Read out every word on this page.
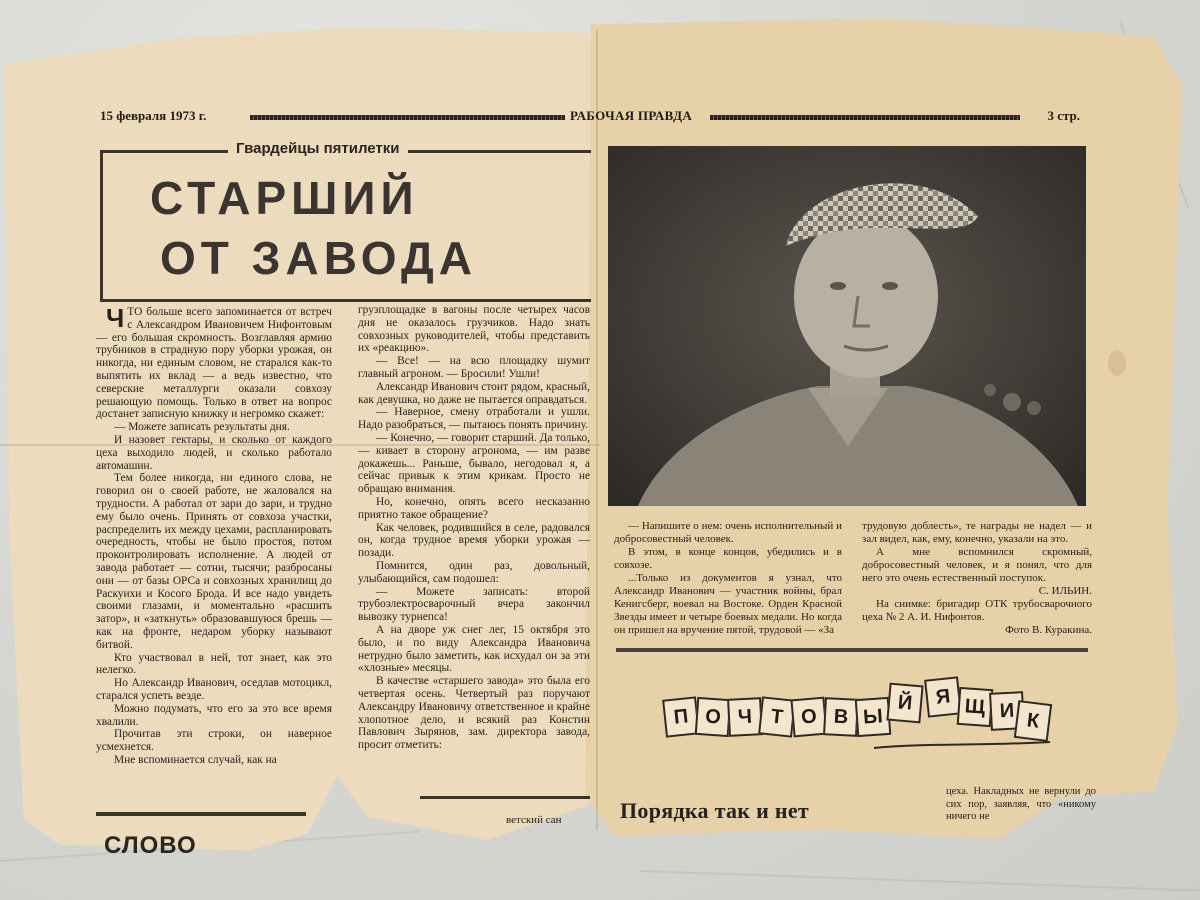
15 февраля 1973 г.	РАБОЧАЯ ПРАВДА	3 стр.
Гвардейцы пятилетки
СТАРШИЙ
ОТ ЗАВОДА

ЧТО больше всего запоминается от встреч с Александром Ивановичем Нифонтовым — его большая скромность. Возглавляя армию трубников в страдную пору уборки урожая, он никогда, ни единым словом, не старался как-то выпятить их вклад — а ведь известно, что северские металлурги оказали совхозу решающую помощь. Только в ответ на вопрос достанет записную книжку и негромко скажет:

— Можете записать результаты дня.

И назовет гектары, и сколько от каждого цеха выходило людей, и сколько работало автомашин.

Тем более никогда, ни единого слова, не говорил он о своей работе, не жаловался на трудности. А работал от зари до зари, и трудно ему было очень. Принять от совхоза участки, распределить их между цехами, распланировать очередность, чтобы не было простоя, потом проконтролировать исполнение. А людей от завода работает — сотни, тысячи; разбросаны они — от базы ОРСа и совхозных хранилищ до Раскуихи и Косого Брода. И все надо увидеть своими глазами, и моментально «расшить затор», и «заткнуть» образовавшуюся брешь — как на фронте, недаром уборку называют битвой.

Кто участвовал в ней, тот знает, как это нелегко.

Но Александр Иванович, оседлав мотоцикл, старался успеть везде.

Можно подумать, что его за это все время хвалили.

Прочитав эти строки, он наверное усмехнется.

Мне вспоминается случай, как на

СЛОВО

грузплощадке в вагоны после четырех часов дня не оказалось грузчиков. Надо знать совхозных руководителей, чтобы представить их «реакцию».

— Все! — на всю площадку шумит главный агроном. — Бросили! Ушли!

Александр Иванович стоит рядом, красный, как девушка, но даже не пытается оправдаться.

— Наверное, смену отработали и ушли. Надо разобраться, — пытаюсь понять причину.

— Конечно, — говорит старший. Да только, — кивает в сторону агронома, — им разве докажешь... Раньше, бывало, негодовал я, а сейчас привык к этим крикам. Просто не обращаю внимания.

Но, конечно, опять всего несказанно приятно такое обращение?

Как человек, родившийся в селе, радовался он, когда трудное время уборки урожая — позади.

Помнится, один раз, довольный, улыбающийся, сам подошел:

— Можете записать: второй трубоэлектросварочный вчера закончил вывозку турнепса!

А на дворе уж снег лег, 15 октября это было, и по виду Александра Ивановича нетрудно было заметить, как исхудал он за эти «хлозные» месяцы.

В качестве «старшего завода» это была его четвертая осень. Четвертый раз поручают Александру Ивановичу ответственное и крайне хлопотное дело, и всякий раз Констин Павлович Зырянов, зам. директора завода, просит отметить:

ветский сан

— Напишите о нем: очень исполнительный и добросовестный человек.

В этом, в конце концов, убедились и в совхозе.

...Только из документов я узнал, что Александр Иванович — участник войны, брал Кенигсберг, воевал на Востоке. Орден Красной Звезды имеет и четыре боевых медали. Но когда он пришел на вручение пятой, трудовой — «За

трудовую доблесть», те награды не надел — и зал видел, как, ему, конечно, указали на это.

А мне вспомнился скромный, добросовестный человек, и я понял, что для него это очень естественный поступок.

С. ИЛЬИН.

На снимке: бригадир ОТК трубосварочного цеха № 2 А. И. Нифонтов.

Фото В. Куракина.

П О Ч Т О В Ы
Й	Я Щ И К
Порядка так и нет

цеха. Накладных не вернули до сих пор, заявляя, что «никому ничего не
